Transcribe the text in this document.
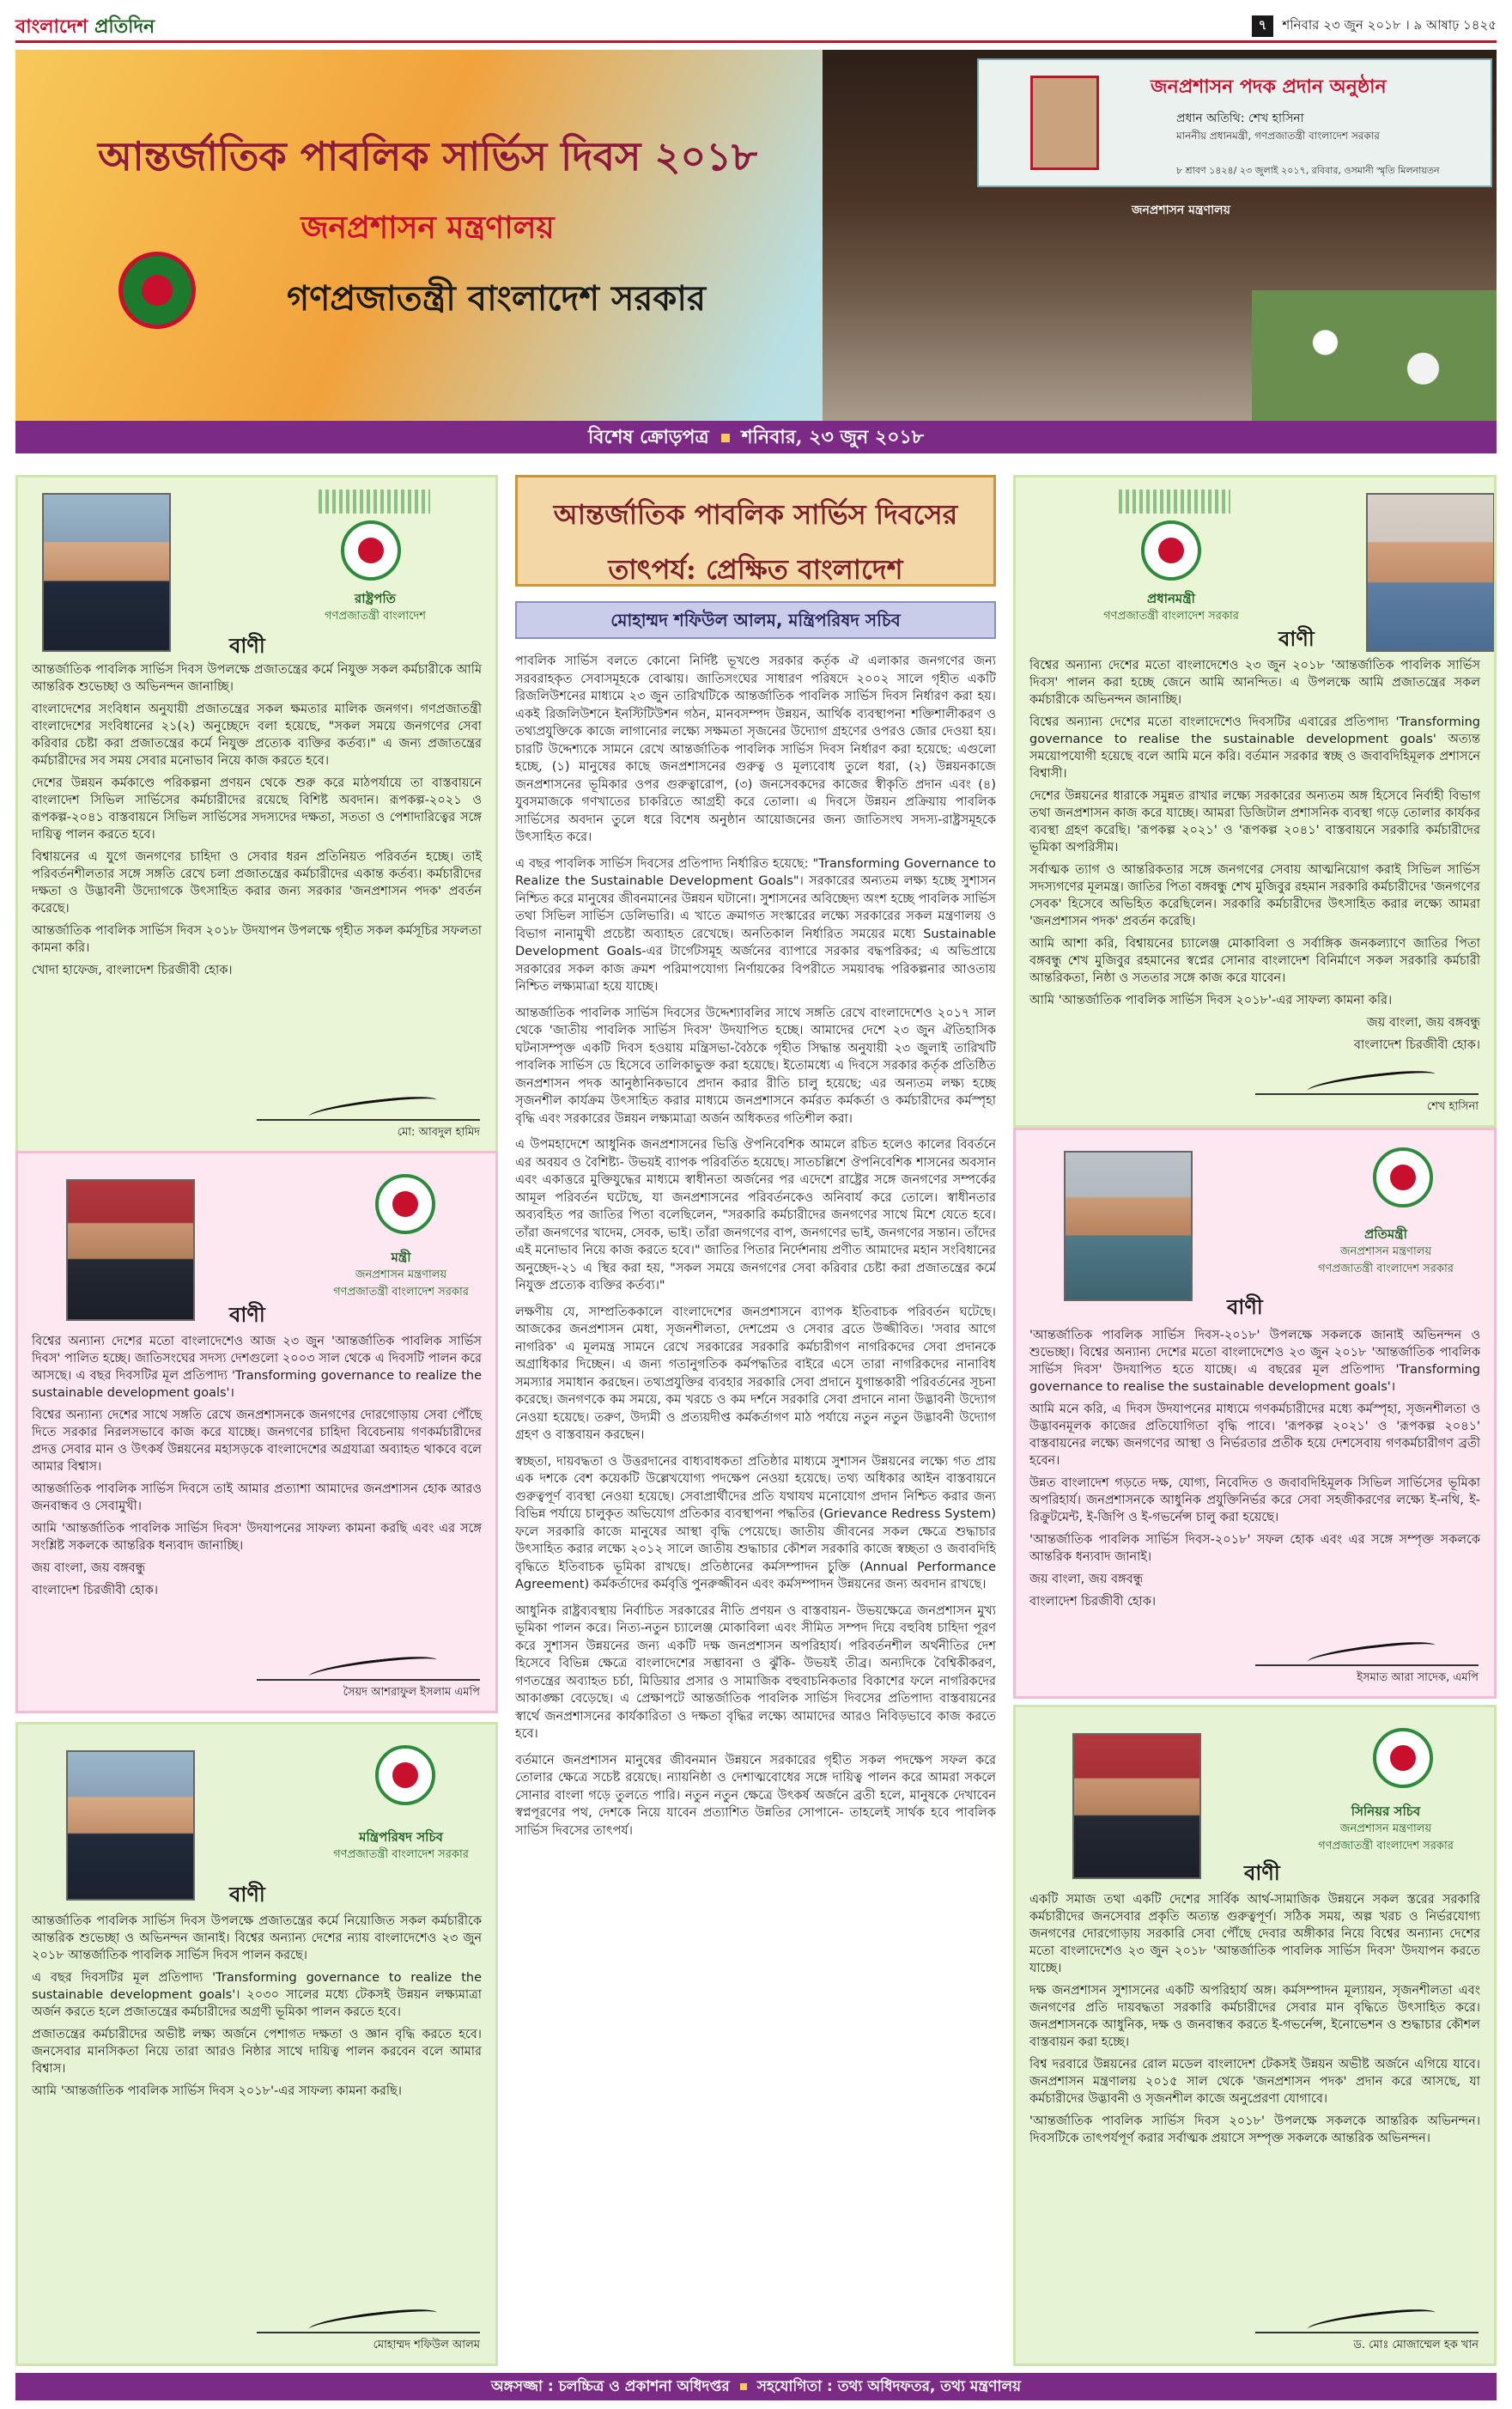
বাংলাদেশ প্রতিদিন	৭	শনিবার ২৩ জুন ২০১৮ । ৯ আষাঢ় ১৪২৫
আন্তর্জাতিক পাবলিক সার্ভিস দিবস ২০১৮
জনপ্রশাসন মন্ত্রণালয়
গণপ্রজাতন্ত্রী বাংলাদেশ সরকার
জনপ্রশাসন পদক প্রদান অনুষ্ঠান
প্রধান অতিথি: শেখ হাসিনা
মাননীয় প্রধানমন্ত্রী, গণপ্রজাতন্ত্রী বাংলাদেশ সরকার
৮ শ্রাবণ ১৪২৪/ ২৩ জুলাই ২০১৭, রবিবার, ওসমানী স্মৃতি মিলনায়তন
জনপ্রশাসন মন্ত্রণালয়
বিশেষ ক্রোড়পত্র শনিবার, ২৩ জুন ২০১৮
রাষ্ট্রপতি
গণপ্রজাতন্ত্রী বাংলাদেশ
বাণী

আন্তর্জাতিক পাবলিক সার্ভিস দিবস উপলক্ষে প্রজাতন্ত্রের কর্মে নিযুক্ত সকল কর্মচারীকে আমি আন্তরিক শুভেচ্ছা ও অভিনন্দন জানাচ্ছি।

বাংলাদেশের সংবিধান অনুযায়ী প্রজাতন্ত্রের সকল ক্ষমতার মালিক জনগণ। গণপ্রজাতন্ত্রী বাংলাদেশের সংবিধানের ২১(২) অনুচ্ছেদে বলা হয়েছে, "সকল সময়ে জনগণের সেবা করিবার চেষ্টা করা প্রজাতন্ত্রের কর্মে নিযুক্ত প্রত্যেক ব্যক্তির কর্তব্য।" এ জন্য প্রজাতন্ত্রের কর্মচারীদের সব সময় সেবার মনোভাব নিয়ে কাজ করতে হবে।

দেশের উন্নয়ন কর্মকাণ্ডে পরিকল্পনা প্রণয়ন থেকে শুরু করে মাঠপর্যায়ে তা বাস্তবায়নে বাংলাদেশ সিভিল সার্ভিসের কর্মচারীদের রয়েছে বিশিষ্ট অবদান। রূপকল্প-২০২১ ও রূপকল্প-২০৪১ বাস্তবায়নে সিভিল সার্ভিসের সদস্যদের দক্ষতা, সততা ও পেশাদারিত্বের সঙ্গে দায়িত্ব পালন করতে হবে।

বিশ্বায়নের এ যুগে জনগণের চাহিদা ও সেবার ধরন প্রতিনিয়ত পরিবর্তন হচ্ছে। তাই পরিবর্তনশীলতার সঙ্গে সঙ্গতি রেখে চলা প্রজাতন্ত্রের কর্মচারীদের একান্ত কর্তব্য। কর্মচারীদের দক্ষতা ও উদ্ভাবনী উদ্যোগকে উৎসাহিত করার জন্য সরকার 'জনপ্রশাসন পদক' প্রবর্তন করেছে।

আন্তর্জাতিক পাবলিক সার্ভিস দিবস ২০১৮ উদযাপন উপলক্ষে গৃহীত সকল কর্মসূচির সফলতা কামনা করি।

খোদা হাফেজ, বাংলাদেশ চিরজীবী হোক।

মো: আবদুল হামিদ
মন্ত্রী
জনপ্রশাসন মন্ত্রণালয়
গণপ্রজাতন্ত্রী বাংলাদেশ সরকার
বাণী

বিশ্বের অন্যান্য দেশের মতো বাংলাদেশেও আজ ২৩ জুন 'আন্তর্জাতিক পাবলিক সার্ভিস দিবস' পালিত হচ্ছে। জাতিসংঘের সদস্য দেশগুলো ২০০৩ সাল থেকে এ দিবসটি পালন করে আসছে। এ বছর দিবসটির মূল প্রতিপাদ্য 'Transforming governance to realize the sustainable development goals'।

বিশ্বের অন্যান্য দেশের সাথে সঙ্গতি রেখে জনপ্রশাসনকে জনগণের দোরগোড়ায় সেবা পৌঁছে দিতে সরকার নিরলসভাবে কাজ করে যাচ্ছে। জনগণের চাহিদা বিবেচনায় গণকর্মচারীদের প্রদত্ত সেবার মান ও উৎকর্ষ উন্নয়নের মহাসড়কে বাংলাদেশের অগ্রযাত্রা অব্যাহত থাকবে বলে আমার বিশ্বাস।

আন্তর্জাতিক পাবলিক সার্ভিস দিবসে তাই আমার প্রত্যাশা আমাদের জনপ্রশাসন হোক আরও জনবান্ধব ও সেবামুখী।

আমি 'আন্তর্জাতিক পাবলিক সার্ভিস দিবস' উদযাপনের সাফল্য কামনা করছি এবং এর সঙ্গে সংশ্লিষ্ট সকলকে আন্তরিক ধন্যবাদ জানাচ্ছি।

জয় বাংলা, জয় বঙ্গবন্ধু

বাংলাদেশ চিরজীবী হোক।

সৈয়দ আশরাফুল ইসলাম এমপি
মন্ত্রিপরিষদ সচিব
গণপ্রজাতন্ত্রী বাংলাদেশ সরকার
বাণী

আন্তর্জাতিক পাবলিক সার্ভিস দিবস উপলক্ষে প্রজাতন্ত্রের কর্মে নিয়োজিত সকল কর্মচারীকে আন্তরিক শুভেচ্ছা ও অভিনন্দন জানাই। বিশ্বের অন্যান্য দেশের ন্যায় বাংলাদেশেও ২৩ জুন ২০১৮ আন্তর্জাতিক পাবলিক সার্ভিস দিবস পালন করছে।

এ বছর দিবসটির মূল প্রতিপাদ্য 'Transforming governance to realize the sustainable development goals'। ২০৩০ সালের মধ্যে টেকসই উন্নয়ন লক্ষ্যমাত্রা অর্জন করতে হলে প্রজাতন্ত্রের কর্মচারীদের অগ্রণী ভূমিকা পালন করতে হবে।

প্রজাতন্ত্রের কর্মচারীদের অভীষ্ট লক্ষ্য অর্জনে পেশাগত দক্ষতা ও জ্ঞান বৃদ্ধি করতে হবে। জনসেবার মানসিকতা নিয়ে তারা আরও নিষ্ঠার সাথে দায়িত্ব পালন করবেন বলে আমার বিশ্বাস।

আমি 'আন্তর্জাতিক পাবলিক সার্ভিস দিবস ২০১৮'-এর সাফল্য কামনা করছি।

মোহাম্মদ শফিউল আলম
আন্তর্জাতিক পাবলিক সার্ভিস দিবসের
তাৎপর্য: প্রেক্ষিত বাংলাদেশ
মোহাম্মদ শফিউল আলম, মন্ত্রিপরিষদ সচিব

পাবলিক সার্ভিস বলতে কোনো নির্দিষ্ট ভূখণ্ডে সরকার কর্তৃক ঐ এলাকার জনগণের জন্য সরবরাহকৃত সেবাসমূহকে বোঝায়। জাতিসংঘের সাধারণ পরিষদে ২০০২ সালে গৃহীত একটি রিজলিউশনের মাধ্যমে ২৩ জুন তারিখটিকে আন্তর্জাতিক পাবলিক সার্ভিস দিবস নির্ধারণ করা হয়। একই রিজলিউশনে ইনস্টিটিউশন গঠন, মানবসম্পদ উন্নয়ন, আর্থিক ব্যবস্থাপনা শক্তিশালীকরণ ও তথ্যপ্রযুক্তিকে কাজে লাগানোর লক্ষ্যে সক্ষমতা সৃজনের উদ্যোগ গ্রহণের ওপরও জোর দেওয়া হয়। চারটি উদ্দেশ্যকে সামনে রেখে আন্তর্জাতিক পাবলিক সার্ভিস দিবস নির্ধারণ করা হয়েছে: এগুলো হচ্ছে, (১) মানুষের কাছে জনপ্রশাসনের গুরুত্ব ও মূল্যবোধ তুলে ধরা, (২) উন্নয়নকাজে জনপ্রশাসনের ভূমিকার ওপর গুরুত্বারোপ, (৩) জনসেবকদের কাজের স্বীকৃতি প্রদান এবং (৪) যুবসমাজকে গণখাতের চাকরিতে আগ্রহী করে তোলা। এ দিবসে উন্নয়ন প্রক্রিয়ায় পাবলিক সার্ভিসের অবদান তুলে ধরে বিশেষ অনুষ্ঠান আয়োজনের জন্য জাতিসংঘ সদস্য-রাষ্ট্রসমূহকে উৎসাহিত করে।

এ বছর পাবলিক সার্ভিস দিবসের প্রতিপাদ্য নির্ধারিত হয়েছে: "Transforming Governance to Realize the Sustainable Development Goals"। সরকারের অন্যতম লক্ষ্য হচ্ছে সুশাসন নিশ্চিত করে মানুষের জীবনমানের উন্নয়ন ঘটানো। সুশাসনের অবিচ্ছেদ্য অংশ হচ্ছে পাবলিক সার্ভিস তথা সিভিল সার্ভিস ডেলিভারি। এ খাতে ক্রমাগত সংস্কারের লক্ষ্যে সরকারের সকল মন্ত্রণালয় ও বিভাগ নানামুখী প্রচেষ্টা অব্যাহত রেখেছে। অনতিকাল নির্ধারিত সময়ের মধ্যে Sustainable Development Goals-এর টার্গেটসমূহ অর্জনের ব্যাপারে সরকার বদ্ধপরিকর; এ অভিপ্রায়ে সরকারের সকল কাজ ক্রমশ পরিমাপযোগ্য নির্ণায়কের বিপরীতে সময়াবদ্ধ পরিকল্পনার আওতায় নিশ্চিত লক্ষ্যমাত্রা হয়ে যাচ্ছে।

আন্তর্জাতিক পাবলিক সার্ভিস দিবসের উদ্দেশ্যাবলির সাথে সঙ্গতি রেখে বাংলাদেশেও ২০১৭ সাল থেকে 'জাতীয় পাবলিক সার্ভিস দিবস' উদযাপিত হচ্ছে। আমাদের দেশে ২৩ জুন ঐতিহাসিক ঘটনাসম্পৃক্ত একটি দিবস হওয়ায় মন্ত্রিসভা-বৈঠকে গৃহীত সিদ্ধান্ত অনুযায়ী ২৩ জুলাই তারিখটি পাবলিক সার্ভিস ডে হিসেবে তালিকাভুক্ত করা হয়েছে। ইতোমধ্যে এ দিবসে সরকার কর্তৃক প্রতিষ্ঠিত জনপ্রশাসন পদক আনুষ্ঠানিকভাবে প্রদান করার রীতি চালু হয়েছে; এর অন্যতম লক্ষ্য হচ্ছে সৃজনশীল কার্যক্রম উৎসাহিত করার মাধ্যমে জনপ্রশাসনে কর্মরত কর্মকর্তা ও কর্মচারীদের কর্মস্পৃহা বৃদ্ধি এবং সরকারের উন্নয়ন লক্ষ্যমাত্রা অর্জন অধিকতর গতিশীল করা।

এ উপমহাদেশে আধুনিক জনপ্রশাসনের ভিত্তি ঔপনিবেশিক আমলে রচিত হলেও কালের বিবর্তনে এর অবয়ব ও বৈশিষ্ট্য- উভয়ই ব্যাপক পরিবর্তিত হয়েছে। সাতচল্লিশে ঔপনিবেশিক শাসনের অবসান এবং একাত্তরে মুক্তিযুদ্ধের মাধ্যমে স্বাধীনতা অর্জনের পর এদেশে রাষ্ট্রের সঙ্গে জনগণের সম্পর্কের আমূল পরিবর্তন ঘটেছে, যা জনপ্রশাসনের পরিবর্তনকেও অনিবার্য করে তোলে। স্বাধীনতার অব্যবহিত পর জাতির পিতা বলেছিলেন, "সরকারি কর্মচারীদের জনগণের সাথে মিশে যেতে হবে। তাঁরা জনগণের খাদেম, সেবক, ভাই। তাঁরা জনগণের বাপ, জনগণের ভাই, জনগণের সন্তান। তাঁদের এই মনোভাব নিয়ে কাজ করতে হবে।" জাতির পিতার নির্দেশনায় প্রণীত আমাদের মহান সংবিধানের অনুচ্ছেদ-২১ এ স্থির করা হয়, "সকল সময়ে জনগণের সেবা করিবার চেষ্টা করা প্রজাতন্ত্রের কর্মে নিযুক্ত প্রত্যেক ব্যক্তির কর্তব্য।"

লক্ষণীয় যে, সাম্প্রতিককালে বাংলাদেশের জনপ্রশাসনে ব্যাপক ইতিবাচক পরিবর্তন ঘটেছে। আজকের জনপ্রশাসন মেধা, সৃজনশীলতা, দেশপ্রেম ও সেবার ব্রতে উজ্জীবিত। 'সবার আগে নাগরিক' এ মূলমন্ত্র সামনে রেখে সরকারের সরকারি কর্মচারীগণ নাগরিকদের সেবা প্রদানকে অগ্রাধিকার দিচ্ছেন। এ জন্য গতানুগতিক কর্মপদ্ধতির বাইরে এসে তারা নাগরিকদের নানাবিধ সমস্যার সমাধান করছেন। তথ্যপ্রযুক্তির ব্যবহার সরকারি সেবা প্রদানে যুগান্তকারী পরিবর্তনের সূচনা করেছে। জনগণকে কম সময়ে, কম খরচে ও কম দর্শনে সরকারি সেবা প্রদানে নানা উদ্ভাবনী উদ্যোগ নেওয়া হয়েছে। তরুণ, উদ্যমী ও প্রত্যয়দীপ্ত কর্মকর্তাগণ মাঠ পর্যায়ে নতুন নতুন উদ্ভাবনী উদ্যোগ গ্রহণ ও বাস্তবায়ন করছেন।

স্বচ্ছতা, দায়বদ্ধতা ও উত্তরদানের বাধ্যবাধকতা প্রতিষ্ঠার মাধ্যমে সুশাসন উন্নয়নের লক্ষ্যে গত প্রায় এক দশকে বেশ কয়েকটি উল্লেখযোগ্য পদক্ষেপ নেওয়া হয়েছে। তথ্য অধিকার আইন বাস্তবায়নে গুরুত্বপূর্ণ ব্যবস্থা নেওয়া হয়েছে। সেবাপ্রার্থীদের প্রতি যথাযথ মনোযোগ প্রদান নিশ্চিত করার জন্য বিভিন্ন পর্যায়ে চালুকৃত অভিযোগ প্রতিকার ব্যবস্থাপনা পদ্ধতির (Grievance Redress System) ফলে সরকারি কাজে মানুষের আস্থা বৃদ্ধি পেয়েছে। জাতীয় জীবনের সকল ক্ষেত্রে শুদ্ধাচার উৎসাহিত করার লক্ষ্যে ২০১২ সালে জাতীয় শুদ্ধাচার কৌশল সরকারি কাজে স্বচ্ছতা ও জবাবদিহি বৃদ্ধিতে ইতিবাচক ভূমিকা রাখছে। প্রতিষ্ঠানের কর্মসম্পাদন চুক্তি (Annual Performance Agreement) কর্মকর্তাদের কর্মবৃত্তি পুনরুজ্জীবন এবং কর্মসম্পাদন উন্নয়নের জন্য অবদান রাখছে।

আধুনিক রাষ্ট্রব্যবস্থায় নির্বাচিত সরকারের নীতি প্রণয়ন ও বাস্তবায়ন- উভয়ক্ষেত্রে জনপ্রশাসন মুখ্য ভূমিকা পালন করে। নিত্য-নতুন চ্যালেঞ্জ মোকাবিলা এবং সীমিত সম্পদ দিয়ে বহুবিধ চাহিদা পূরণ করে সুশাসন উন্নয়নের জন্য একটি দক্ষ জনপ্রশাসন অপরিহার্য। পরিবর্তনশীল অর্থনীতির দেশ হিসেবে বিভিন্ন ক্ষেত্রে বাংলাদেশের সম্ভাবনা ও ঝুঁকি- উভয়ই তীব্র। অন্যদিকে বৈশ্বিকীকরণ, গণতন্ত্রের অব্যাহত চর্চা, মিডিয়ার প্রসার ও সামাজিক বহুবাচনিকতার বিকাশের ফলে নাগরিকদের আকাঙ্ক্ষা বেড়েছে। এ প্রেক্ষাপটে আন্তর্জাতিক পাবলিক সার্ভিস দিবসের প্রতিপাদ্য বাস্তবায়নের স্বার্থে জনপ্রশাসনের কার্যকারিতা ও দক্ষতা বৃদ্ধির লক্ষ্যে আমাদের আরও নিবিড়ভাবে কাজ করতে হবে।

বর্তমানে জনপ্রশাসন মানুষের জীবনমান উন্নয়নে সরকারের গৃহীত সকল পদক্ষেপ সফল করে তোলার ক্ষেত্রে সচেষ্ট রয়েছে। ন্যায়নিষ্ঠা ও দেশাত্মবোধের সঙ্গে দায়িত্ব পালন করে আমরা সকলে সোনার বাংলা গড়ে তুলতে পারি। নতুন নতুন ক্ষেত্রে উৎকর্ষ অর্জনে ব্রতী হলে, মানুষকে দেখাবেন স্বপ্নপূরণের পথ, দেশকে নিয়ে যাবেন প্রত্যাশিত উন্নতির সোপানে- তাহলেই সার্থক হবে পাবলিক সার্ভিস দিবসের তাৎপর্য।

প্রধানমন্ত্রী
গণপ্রজাতন্ত্রী বাংলাদেশ সরকার
বাণী

বিশ্বের অন্যান্য দেশের মতো বাংলাদেশেও ২৩ জুন ২০১৮ 'আন্তর্জাতিক পাবলিক সার্ভিস দিবস' পালন করা হচ্ছে জেনে আমি আনন্দিত। এ উপলক্ষে আমি প্রজাতন্ত্রের সকল কর্মচারীকে অভিনন্দন জানাচ্ছি।

বিশ্বের অন্যান্য দেশের মতো বাংলাদেশেও দিবসটির এবারের প্রতিপাদ্য 'Transforming governance to realise the sustainable development goals' অত্যন্ত সময়োপযোগী হয়েছে বলে আমি মনে করি। বর্তমান সরকার স্বচ্ছ ও জবাবদিহিমূলক প্রশাসনে বিশ্বাসী।

দেশের উন্নয়নের ধারাকে সমুন্নত রাখার লক্ষ্যে সরকারের অন্যতম অঙ্গ হিসেবে নির্বাহী বিভাগ তথা জনপ্রশাসন কাজ করে যাচ্ছে। আমরা ডিজিটাল প্রশাসনিক ব্যবস্থা গড়ে তোলার কার্যকর ব্যবস্থা গ্রহণ করেছি। 'রূপকল্প ২০২১' ও 'রূপকল্প ২০৪১' বাস্তবায়নে সরকারি কর্মচারীদের ভূমিকা অপরিসীম।

সর্বাত্মক ত্যাগ ও আন্তরিকতার সঙ্গে জনগণের সেবায় আত্মনিয়োগ করাই সিভিল সার্ভিস সদস্যগণের মূলমন্ত্র। জাতির পিতা বঙ্গবন্ধু শেখ মুজিবুর রহমান সরকারি কর্মচারীদের 'জনগণের সেবক' হিসেবে অভিহিত করেছিলেন। সরকারি কর্মচারীদের উৎসাহিত করার লক্ষ্যে আমরা 'জনপ্রশাসন পদক' প্রবর্তন করেছি।

আমি আশা করি, বিশ্বায়নের চ্যালেঞ্জ মোকাবিলা ও সর্বাঙ্গিক জনকল্যাণে জাতির পিতা বঙ্গবন্ধু শেখ মুজিবুর রহমানের স্বপ্নের সোনার বাংলাদেশ বিনির্মাণে সকল সরকারি কর্মচারী আন্তরিকতা, নিষ্ঠা ও সততার সঙ্গে কাজ করে যাবেন।

আমি 'আন্তর্জাতিক পাবলিক সার্ভিস দিবস ২০১৮'-এর সাফল্য কামনা করি।

জয় বাংলা, জয় বঙ্গবন্ধু

বাংলাদেশ চিরজীবী হোক।

শেখ হাসিনা
প্রতিমন্ত্রী
জনপ্রশাসন মন্ত্রণালয়
গণপ্রজাতন্ত্রী বাংলাদেশ সরকার
বাণী

'আন্তর্জাতিক পাবলিক সার্ভিস দিবস-২০১৮' উপলক্ষে সকলকে জানাই অভিনন্দন ও শুভেচ্ছা। বিশ্বের অন্যান্য দেশের মতো বাংলাদেশেও ২৩ জুন ২০১৮ 'আন্তর্জাতিক পাবলিক সার্ভিস দিবস' উদযাপিত হতে যাচ্ছে। এ বছরের মূল প্রতিপাদ্য 'Transforming governance to realise the sustainable development goals'।

আমি মনে করি, এ দিবস উদযাপনের মাধ্যমে গণকর্মচারীদের মধ্যে কর্মস্পৃহা, সৃজনশীলতা ও উদ্ভাবনমূলক কাজের প্রতিযোগিতা বৃদ্ধি পাবে। 'রূপকল্প ২০২১' ও 'রূপকল্প ২০৪১' বাস্তবায়নের লক্ষ্যে জনগণের আস্থা ও নির্ভরতার প্রতীক হয়ে দেশসেবায় গণকর্মচারীগণ ব্রতী হবেন।

উন্নত বাংলাদেশ গড়তে দক্ষ, যোগ্য, নিবেদিত ও জবাবদিহিমূলক সিভিল সার্ভিসের ভূমিকা অপরিহার্য। জনপ্রশাসনকে আধুনিক প্রযুক্তিনির্ভর করে সেবা সহজীকরণের লক্ষ্যে ই-নথি, ই-রিক্রুটমেন্ট, ই-জিপি ও ই-গভর্নেন্স চালু করা হয়েছে।

'আন্তর্জাতিক পাবলিক সার্ভিস দিবস-২০১৮' সফল হোক এবং এর সঙ্গে সম্পৃক্ত সকলকে আন্তরিক ধন্যবাদ জানাই।

জয় বাংলা, জয় বঙ্গবন্ধু

বাংলাদেশ চিরজীবী হোক।

ইসমাত আরা সাদেক, এমপি
সিনিয়র সচিব
জনপ্রশাসন মন্ত্রণালয়
গণপ্রজাতন্ত্রী বাংলাদেশ সরকার
বাণী

একটি সমাজ তথা একটি দেশের সার্বিক আর্থ-সামাজিক উন্নয়নে সকল স্তরের সরকারি কর্মচারীদের জনসেবার প্রকৃতি অত্যন্ত গুরুত্বপূর্ণ। সঠিক সময়, অল্প খরচ ও নির্ভরযোগ্য জনগণের দোরগোড়ায় সরকারি সেবা পৌঁছে দেবার অঙ্গীকার নিয়ে বিশ্বের অন্যান্য দেশের মতো বাংলাদেশেও ২৩ জুন ২০১৮ 'আন্তর্জাতিক পাবলিক সার্ভিস দিবস' উদযাপন করতে যাচ্ছে।

দক্ষ জনপ্রশাসন সুশাসনের একটি অপরিহার্য অঙ্গ। কর্মসম্পাদন মূল্যায়ন, সৃজনশীলতা এবং জনগণের প্রতি দায়বদ্ধতা সরকারি কর্মচারীদের সেবার মান বৃদ্ধিতে উৎসাহিত করে। জনপ্রশাসনকে আধুনিক, দক্ষ ও জনবান্ধব করতে ই-গভর্নেন্স, ইনোভেশন ও শুদ্ধাচার কৌশল বাস্তবায়ন করা হচ্ছে।

বিশ্ব দরবারে উন্নয়নের রোল মডেল বাংলাদেশ টেকসই উন্নয়ন অভীষ্ট অর্জনে এগিয়ে যাবে। জনপ্রশাসন মন্ত্রণালয় ২০১৫ সাল থেকে 'জনপ্রশাসন পদক' প্রদান করে আসছে, যা কর্মচারীদের উদ্ভাবনী ও সৃজনশীল কাজে অনুপ্রেরণা যোগাবে।

'আন্তর্জাতিক পাবলিক সার্ভিস দিবস ২০১৮' উপলক্ষে সকলকে আন্তরিক অভিনন্দন। দিবসটিকে তাৎপর্যপূর্ণ করার সর্বাত্মক প্রয়াসে সম্পৃক্ত সকলকে আন্তরিক অভিনন্দন।

ড. মোঃ মোজাম্মেল হক খান
অঙ্গসজ্জা : চলচ্চিত্র ও প্রকাশনা অধিদপ্তর সহযোগিতা : তথ্য অধিদফতর, তথ্য মন্ত্রণালয়
